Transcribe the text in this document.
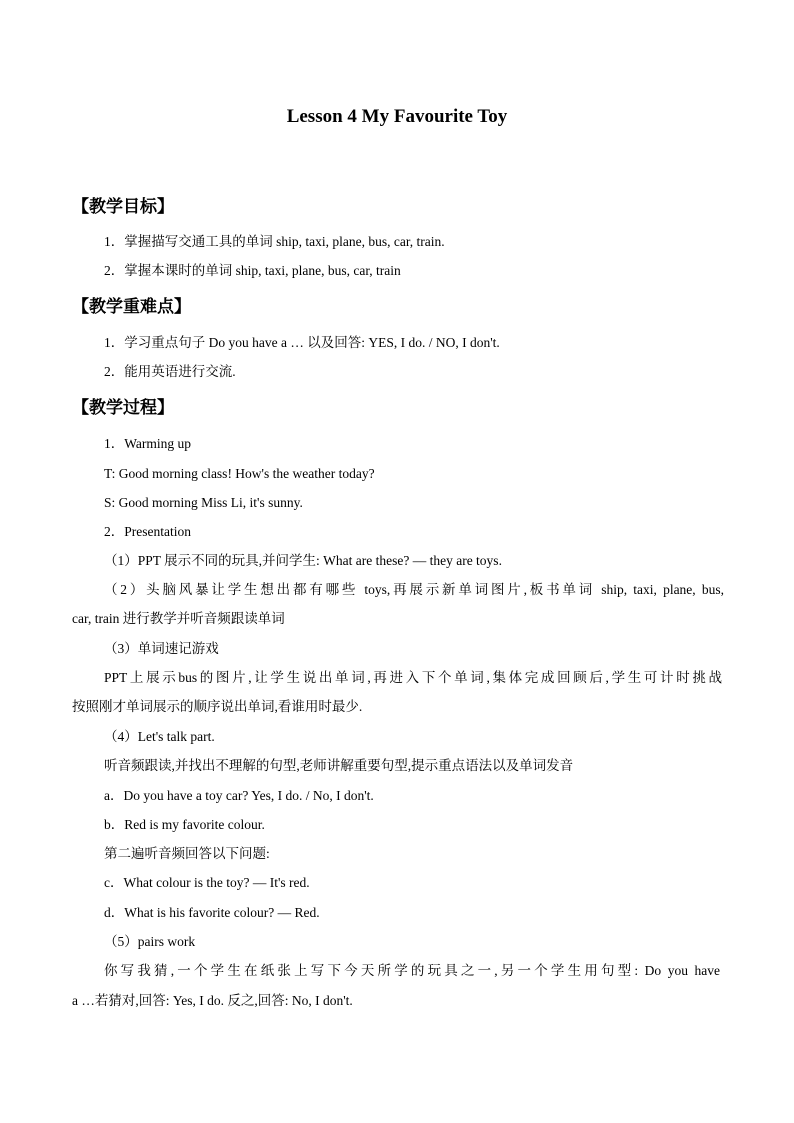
Lesson 4 My Favourite Toy
【教学目标】
1．掌握描写交通工具的单词 ship, taxi, plane, bus, car, train.
2．掌握本课时的单词 ship, taxi, plane, bus, car, train
【教学重难点】
1．学习重点句子 Do you have a … 以及回答: YES, I do. / NO, I don't.
2．能用英语进行交流.
【教学过程】
1．Warming up
T: Good morning class! How's the weather today?
S: Good morning Miss Li, it's sunny.
2．Presentation
（1）PPT 展示不同的玩具,并问学生: What are these? — they are toys.
（2）头脑风暴让学生想出都有哪些 toys,再展示新单词图片,板书单词 ship, taxi, plane, bus,
car, train 进行教学并听音频跟读单词
（3）单词速记游戏
PPT上展示bus的图片,让学生说出单词,再进入下个单词,集体完成回顾后,学生可计时挑战
按照刚才单词展示的顺序说出单词,看谁用时最少.
（4）Let's talk part.
听音频跟读,并找出不理解的句型,老师讲解重要句型,提示重点语法以及单词发音
a．Do you have a toy car? Yes, I do. / No, I don't.
b．Red is my favorite colour.
第二遍听音频回答以下问题:
c．What colour is the toy? — It's red.
d．What is his favorite colour? — Red.
（5）pairs work
你写我猜,一个学生在纸张上写下今天所学的玩具之一,另一个学生用句型: Do you have
a …若猜对,回答: Yes, I do. 反之,回答: No, I don't.
